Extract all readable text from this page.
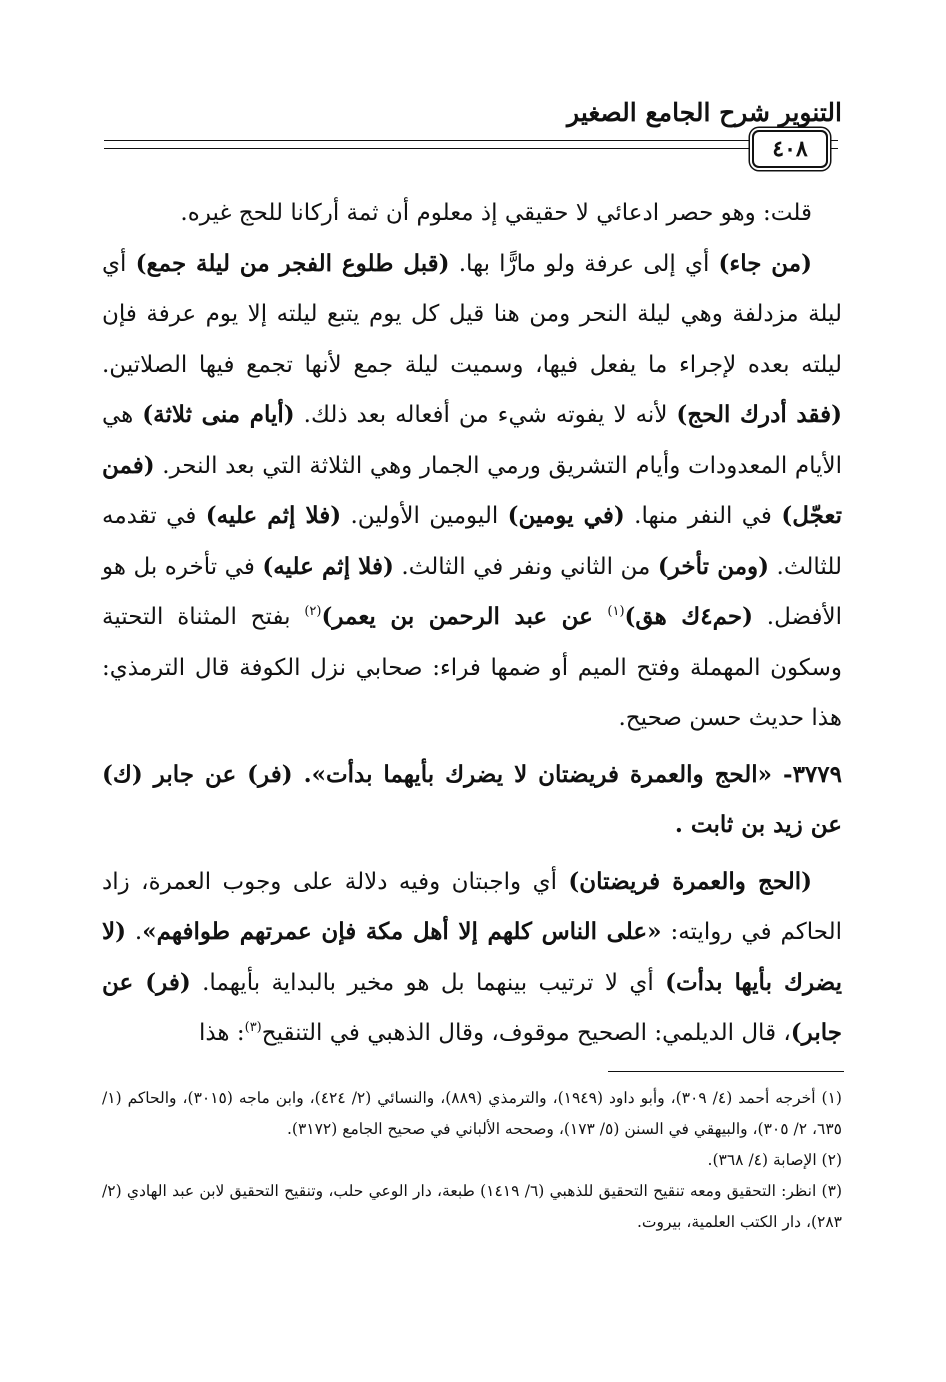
التنوير شرح الجامع الصغير
٤٠٨

قلت: وهو حصر ادعائي لا حقيقي إذ معلوم أن ثمة أركانا للحج غيره.

(من جاء) أي إلى عرفة ولو مارًّا بها. (قبل طلوع الفجر من ليلة جمع) أي ليلة مزدلفة وهي ليلة النحر ومن هنا قيل كل يوم يتبع ليلته إلا يوم عرفة فإن ليلته بعده لإجراء ما يفعل فيها، وسميت ليلة جمع لأنها تجمع فيها الصلاتين. (فقد أدرك الحج) لأنه لا يفوته شيء من أفعاله بعد ذلك. (أيام منى ثلاثة) هي الأيام المعدودات وأيام التشريق ورمي الجمار وهي الثلاثة التي بعد النحر. (فمن تعجّل) في النفر منها. (في يومين) اليومين الأولين. (فلا إثم عليه) في تقدمه للثالث. (ومن تأخر) من الثاني ونفر في الثالث. (فلا إثم عليه) في تأخره بل هو الأفضل. (حم٤ك هق)$^{(١)}$ عن عبد الرحمن بن يعمر)$^{(٢)}$ بفتح المثناة التحتية وسكون المهملة وفتح الميم أو ضمها فراء: صحابي نزل الكوفة قال الترمذي: هذا حديث حسن صحيح.

٣٧٧٩- «الحج والعمرة فريضتان لا يضرك بأيهما بدأت». (فر) عن جابر (ك) عن زيد بن ثابت .

(الحج والعمرة فريضتان) أي واجبتان وفيه دلالة على وجوب العمرة، زاد الحاكم في روايته: «على الناس كلهم إلا أهل مكة فإن عمرتهم طوافهم». (لا يضرك بأيها بدأت) أي لا ترتيب بينهما بل هو مخير بالبداية بأيهما. (فر) عن جابر)، قال الديلمي: الصحيح موقوف، وقال الذهبي في التنقيح$^{(٣)}$: هذا

(١) أخرجه أحمد (٤/ ٣٠٩)، وأبو داود (١٩٤٩)، والترمذي (٨٨٩)، والنسائي (٢/ ٤٢٤)، وابن ماجه (٣٠١٥)، والحاكم (١/ ٦٣٥، ٢/ ٣٠٥)، والبيهقي في السنن (٥/ ١٧٣)، وصححه الألباني في صحيح الجامع (٣١٧٢).

(٢) الإصابة (٤/ ٣٦٨).

(٣) انظر: التحقيق ومعه تنقيح التحقيق للذهبي (٦/ ١٤١٩) طبعة، دار الوعي حلب، وتنقيح التحقيق لابن عبد الهادي (٢/ ٢٨٣)، دار الكتب العلمية، بيروت.
